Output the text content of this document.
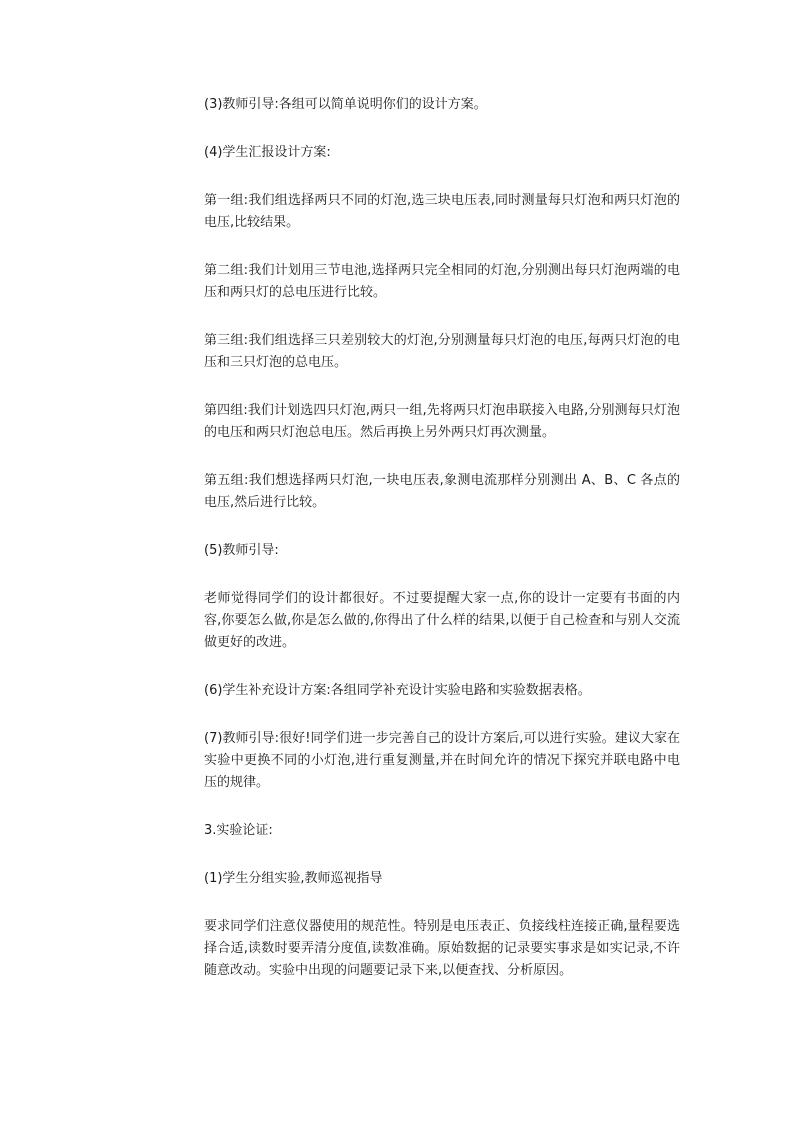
(3)教师引导:各组可以简单说明你们的设计方案。

(4)学生汇报设计方案:

第一组:我们组选择两只不同的灯泡,选三块电压表,同时测量每只灯泡和两只灯泡的电压,比较结果。

第二组:我们计划用三节电池,选择两只完全相同的灯泡,分别测出每只灯泡两端的电压和两只灯的总电压进行比较。

第三组:我们组选择三只差别较大的灯泡,分别测量每只灯泡的电压,每两只灯泡的电压和三只灯泡的总电压。

第四组:我们计划选四只灯泡,两只一组,先将两只灯泡串联接入电路,分别测每只灯泡的电压和两只灯泡总电压。然后再换上另外两只灯再次测量。

第五组:我们想选择两只灯泡,一块电压表,象测电流那样分别测出 A、B、C 各点的电压,然后进行比较。

(5)教师引导:

老师觉得同学们的设计都很好。不过要提醒大家一点,你的设计一定要有书面的内容,你要怎么做,你是怎么做的,你得出了什么样的结果,以便于自己检查和与别人交流做更好的改进。

(6)学生补充设计方案:各组同学补充设计实验电路和实验数据表格。

(7)教师引导:很好!同学们进一步完善自己的设计方案后,可以进行实验。建议大家在实验中更换不同的小灯泡,进行重复测量,并在时间允许的情况下探究并联电路中电压的规律。

3.实验论证:

(1)学生分组实验,教师巡视指导

要求同学们注意仪器使用的规范性。特别是电压表正、负接线柱连接正确,量程要选择合适,读数时要弄清分度值,读数准确。原始数据的记录要实事求是如实记录,不许随意改动。实验中出现的问题要记录下来,以便查找、分析原因。
